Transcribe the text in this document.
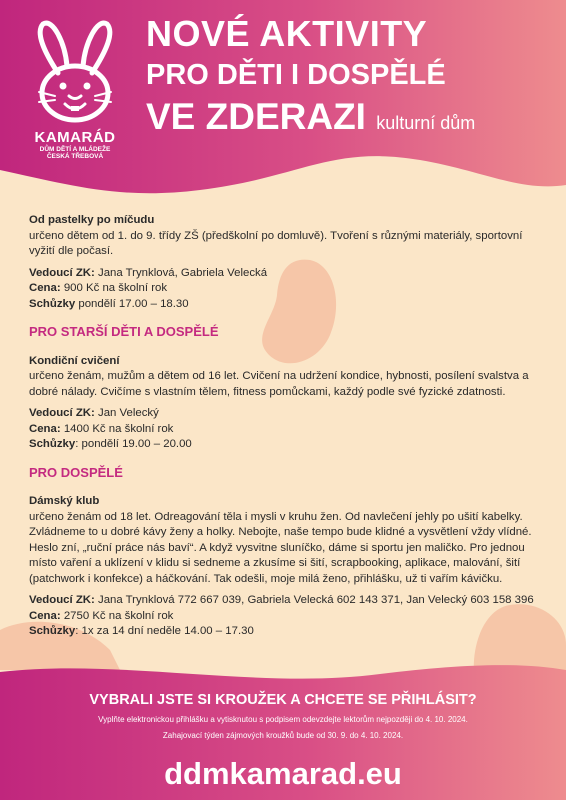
KAMARÁD
DŮM DĚTÍ A MLÁDEŽE
ČESKÁ TŘEBOVÁ
NOVÉ AKTIVITY
PRO DĚTI I DOSPĚLÉ
VE ZDERAZI kulturní dům

Od pastelky po míčudu

určeno dětem od 1. do 9. třídy ZŠ (předškolní po domluvě). Tvoření s různými materiály, sportovní vyžití dle počasí.

Vedoucí ZK: Jana Trynklová, Gabriela Velecká

Cena: 900 Kč na školní rok

Schůzky pondělí 17.00 – 18.30

PRO STARŠÍ DĚTI A DOSPĚLÉ

Kondiční cvičení

určeno ženám, mužům a dětem od 16 let. Cvičení na udržení kondice, hybnosti, posílení svalstva a dobré nálady. Cvičíme s vlastním tělem, fitness pomůckami, každý podle své fyzické zdatnosti.

Vedoucí ZK: Jan Velecký

Cena: 1400 Kč na školní rok

Schůzky: pondělí 19.00 – 20.00

PRO DOSPĚLÉ

Dámský klub

určeno ženám od 18 let. Odreagování těla i mysli v kruhu žen. Od navlečení jehly po ušití kabelky. Zvládneme to u dobré kávy ženy a holky. Nebojte, naše tempo bude klidné a vysvětlení vždy vlídné. Heslo zní, „ruční práce nás baví“. A když vysvitne sluníčko, dáme si sportu jen maličko. Pro jednou místo vaření a uklízení v klidu si sedneme a zkusíme si šití, scrapbooking, aplikace, malování, šití (patchwork i konfekce) a háčkování. Tak odešli, moje milá ženo, přihlášku, už ti vařím kávičku.

Vedoucí ZK: Jana Trynklová 772 667 039, Gabriela Velecká 602 143 371, Jan Velecký 603 158 396

Cena: 2750 Kč na školní rok

Schůzky: 1x za 14 dní neděle 14.00 – 17.30

VYBRALI JSTE SI KROUŽEK A CHCETE SE PŘIHLÁSIT?
Vyplňte elektronickou přihlášku a vytisknutou s podpisem odevzdejte lektorům nejpozději do 4. 10. 2024.
Zahajovací týden zájmových kroužků bude od 30. 9. do 4. 10. 2024.
ddmkamarad.eu
